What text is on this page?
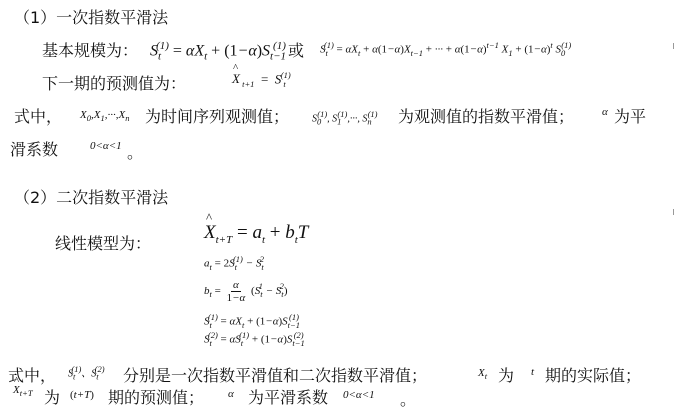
（1）一次指数平滑法
基本规模为： $S_t^{(1)} = \alpha X_t + (1-\alpha)S_{t-1}^{(1)}$ 或 $S_t^{(1)} = \alpha X_t + \alpha(1-\alpha)X_{t-1}$ + ··· + $\alpha(1-\alpha)^{t-1}$ $X_1 + (1-\alpha)^t$ $S_0^{(1)}$
下一期的预测值为：
^	X $_{t+1}$ =  S $_t^{(1)}$
式中， $X_0,X_1,\cdot\cdot\cdot,X_n$ 为时间序列观测值； $S_0^{(1)}$, $S_1^{(1)},\cdot\cdot\cdot$, $S_n^{(1)}$ 为观测值的指数平滑值；	α 为平
滑系数	0<α<1 。
（2）二次指数平滑法
线性模型为：
^ $X_{t+T} = a_t + b_tT$
$a_t = 2S_t^{(1)} - S_t^2$
$b_t = \frac{\alpha}{1-\alpha} (S_t^1 - S_t^2)$
$S_t^{(1)} = \alpha X_t + (1-\alpha)S_{t-1}^{(1)}$
$S_t^{(2)} = \alpha S_t^{(1)} + (1-\alpha)S_{t-1}^{(2)}$
式中， $S_t^{(1)}$、$S_t^{(2)}$ 分别是一次指数平滑值和二次指数平滑值；	$X_t$ 为 t 期的实际值；
^ $X_{t+T}$ 为 (t+T) 期的预测值； α 为平滑系数 0<α<1 。
